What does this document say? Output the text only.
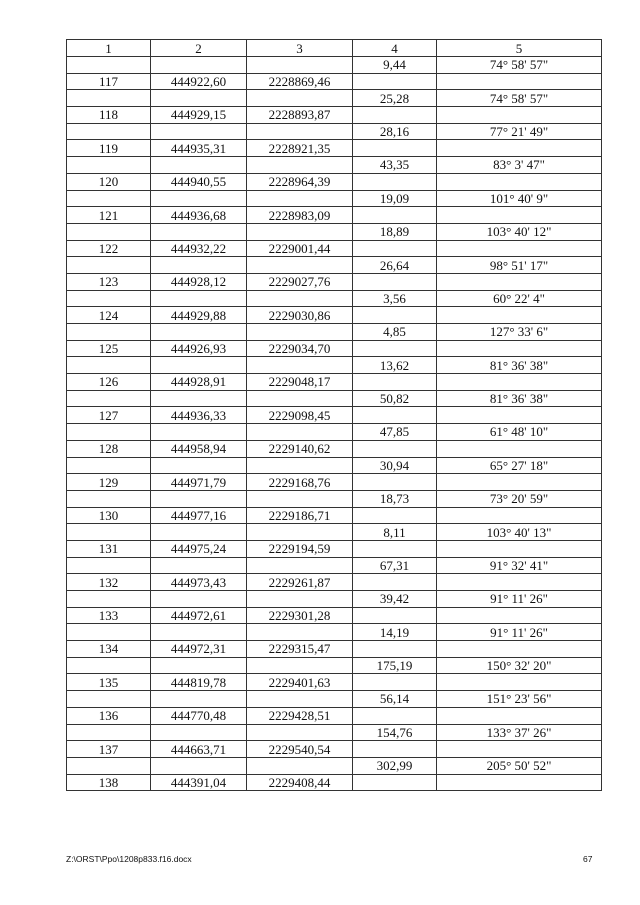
1	2	3	4	5
			9,44	74° 58' 57"
117	444922,60	2228869,46		
			25,28	74° 58' 57"
118	444929,15	2228893,87		
			28,16	77° 21' 49"
119	444935,31	2228921,35		
			43,35	83° 3' 47"
120	444940,55	2228964,39		
			19,09	101° 40' 9"
121	444936,68	2228983,09		
			18,89	103° 40' 12"
122	444932,22	2229001,44		
			26,64	98° 51' 17"
123	444928,12	2229027,76		
			3,56	60° 22' 4"
124	444929,88	2229030,86		
			4,85	127° 33' 6"
125	444926,93	2229034,70		
			13,62	81° 36' 38"
126	444928,91	2229048,17		
			50,82	81° 36' 38"
127	444936,33	2229098,45		
			47,85	61° 48' 10"
128	444958,94	2229140,62		
			30,94	65° 27' 18"
129	444971,79	2229168,76		
			18,73	73° 20' 59"
130	444977,16	2229186,71		
			8,11	103° 40' 13"
131	444975,24	2229194,59		
			67,31	91° 32' 41"
132	444973,43	2229261,87		
			39,42	91° 11' 26"
133	444972,61	2229301,28		
			14,19	91° 11' 26"
134	444972,31	2229315,47		
			175,19	150° 32' 20"
135	444819,78	2229401,63		
			56,14	151° 23' 56"
136	444770,48	2229428,51		
			154,76	133° 37' 26"
137	444663,71	2229540,54		
			302,99	205° 50' 52"
138	444391,04	2229408,44		
Z:\ORST\Ppo\1208p833.f16.docx	67
